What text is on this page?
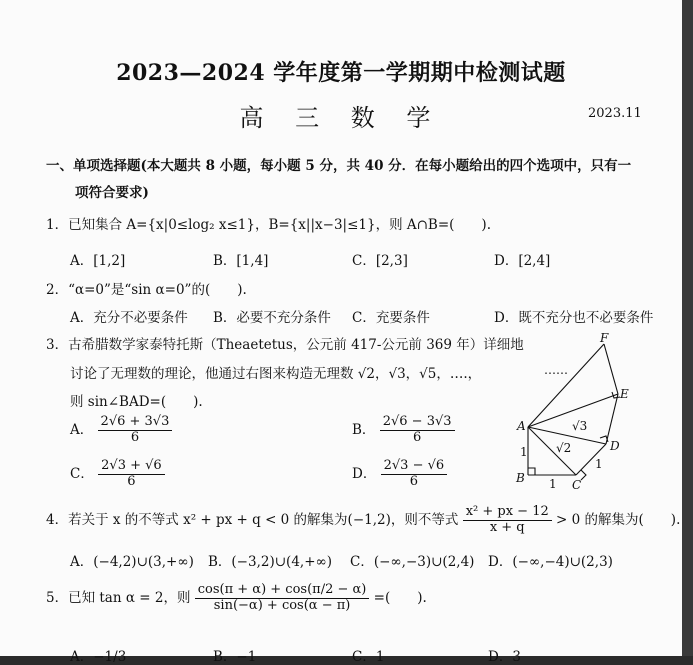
2023—2024 学年度第一学期期中检测试题
高 三 数 学	2023.11
一、单项选择题(本大题共 8 小题，每小题 5 分，共 40 分．在每小题给出的四个选项中，只有一
项符合要求)
1．已知集合 A={x|0≤log₂ x≤1}，B={x||x−3|≤1}，则 A∩B=(　　).
A．[1,2]	B．[1,4]	C．[2,3]	D．[2,4]
2．“α=0”是“sin α=0”的(　　).
A．充分不必要条件 B．必要不充分条件 C．充要条件	D．既不充分也不必要条件
3．古希腊数学家泰特托斯（Theaetetus，公元前 417-公元前 369 年）详细地
讨论了无理数的理论，他通过右图来构造无理数 √2，√3，√5，….，
则 sin∠BAD=(　　).
A． $\frac{2√6 + 3√3}{6}$	B． $\frac{2√6 - 3√3}{6}$
C． $\frac{2√3 + √6}{6}$	D． $\frac{2√3 - √6}{6}$
F
E
A
D
B	C
1
1
1
√3
√2
……
4．若关于 x 的不等式 x² + px + q < 0 的解集为(−1,2)，则不等式 $\frac{\text{x² + px − 12}}{x + q} > 0$ 的解集为(　　).
A．(−4,2)∪(3,+∞) B．(−3,2)∪(4,+∞) C．(−∞,−3)∪(2,4) D．(−∞,−4)∪(2,3)
5．已知 tan α = 2，则 $\frac{\cos(\pi + \alpha) + \cos(\pi/2 - \alpha)}{\sin(-\alpha) + \cos(\alpha - \pi)}$ =(　　).
A．−1/3	B．−1	C．1	D．3
